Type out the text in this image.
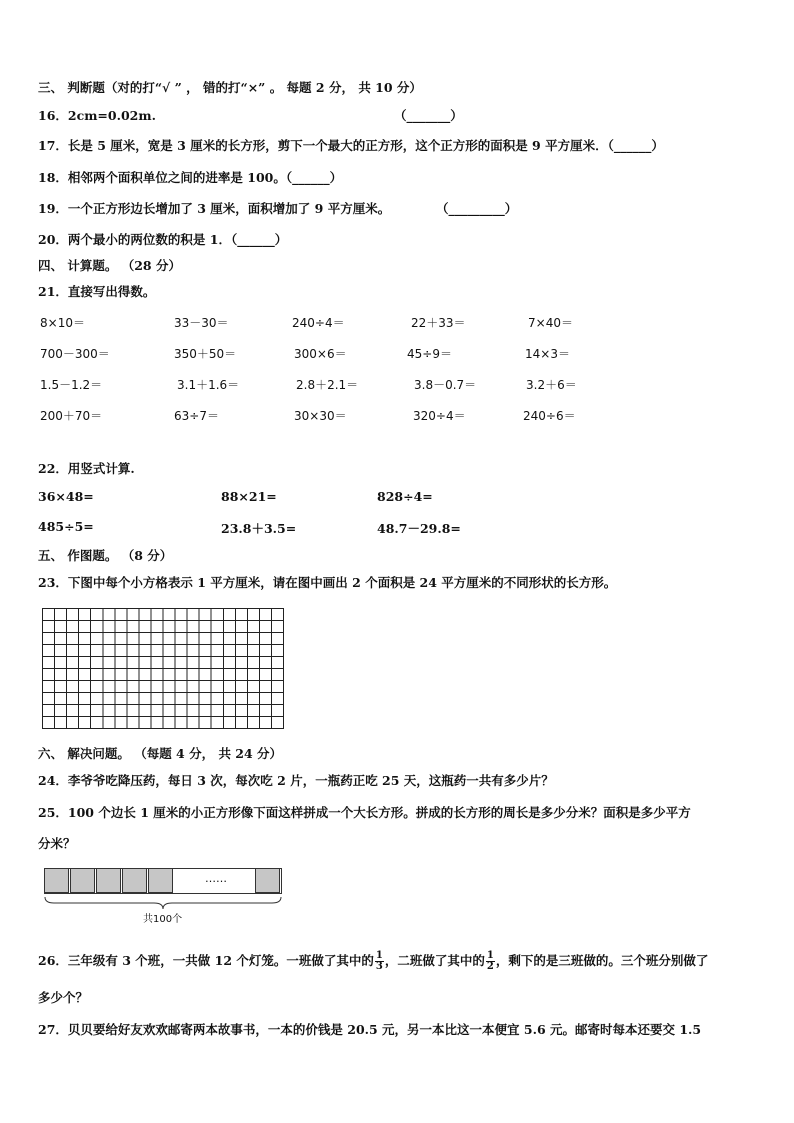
三、 判断题（对的打“√ ” ， 错的打“×” 。 每题 2 分， 共 10 分）
16．2cm=0.02m.	（_______）
17．长是 5 厘米，宽是 3 厘米的长方形，剪下一个最大的正方形，这个正方形的面积是 9 平方厘米．（______）
18．相邻两个面积单位之间的进率是 100。（______）
19．一个正方形边长增加了 3 厘米，面积增加了 9 平方厘米。	（_________）
20．两个最小的两位数的积是 1．（______）
四、 计算题。 （28 分）
21．直接写出得数。
8×10＝	33－30＝	240÷4＝	22＋33＝	7×40＝
700－300＝	350＋50＝	300×6＝	45÷9＝	14×3＝
1.5－1.2＝	3.1＋1.6＝	2.8＋2.1＝	3.8－0.7＝	3.2＋6＝
200＋70＝	63÷7＝	30×30＝	320÷4＝	240÷6＝
22．用竖式计算.
36×48=	88×21=	828÷4=
485÷5=	23.8＋3.5=	48.7－29.8=
五、 作图题。 （8 分）
23．下图中每个小方格表示 1 平方厘米，请在图中画出 2 个面积是 24 平方厘米的不同形状的长方形。
六、 解决问题。 （每题 4 分， 共 24 分）
24．李爷爷吃降压药，每日 3 次，每次吃 2 片，一瓶药正吃 25 天，这瓶药一共有多少片？
25．100 个边长 1 厘米的小正方形像下面这样拼成一个大长方形。拼成的长方形的周长是多少分米？面积是多少平方
分米？
……
共100个
26．三年级有 3 个班，一共做 12 个灯笼。一班做了其中的 $\frac{1}{3}$ ，二班做了其中的 $\frac{1}{2}$ ，剩下的是三班做的。三个班分别做了
多少个？
27．贝贝要给好友欢欢邮寄两本故事书，一本的价钱是 20.5 元，另一本比这一本便宜 5.6 元。邮寄时每本还要交 1.5
